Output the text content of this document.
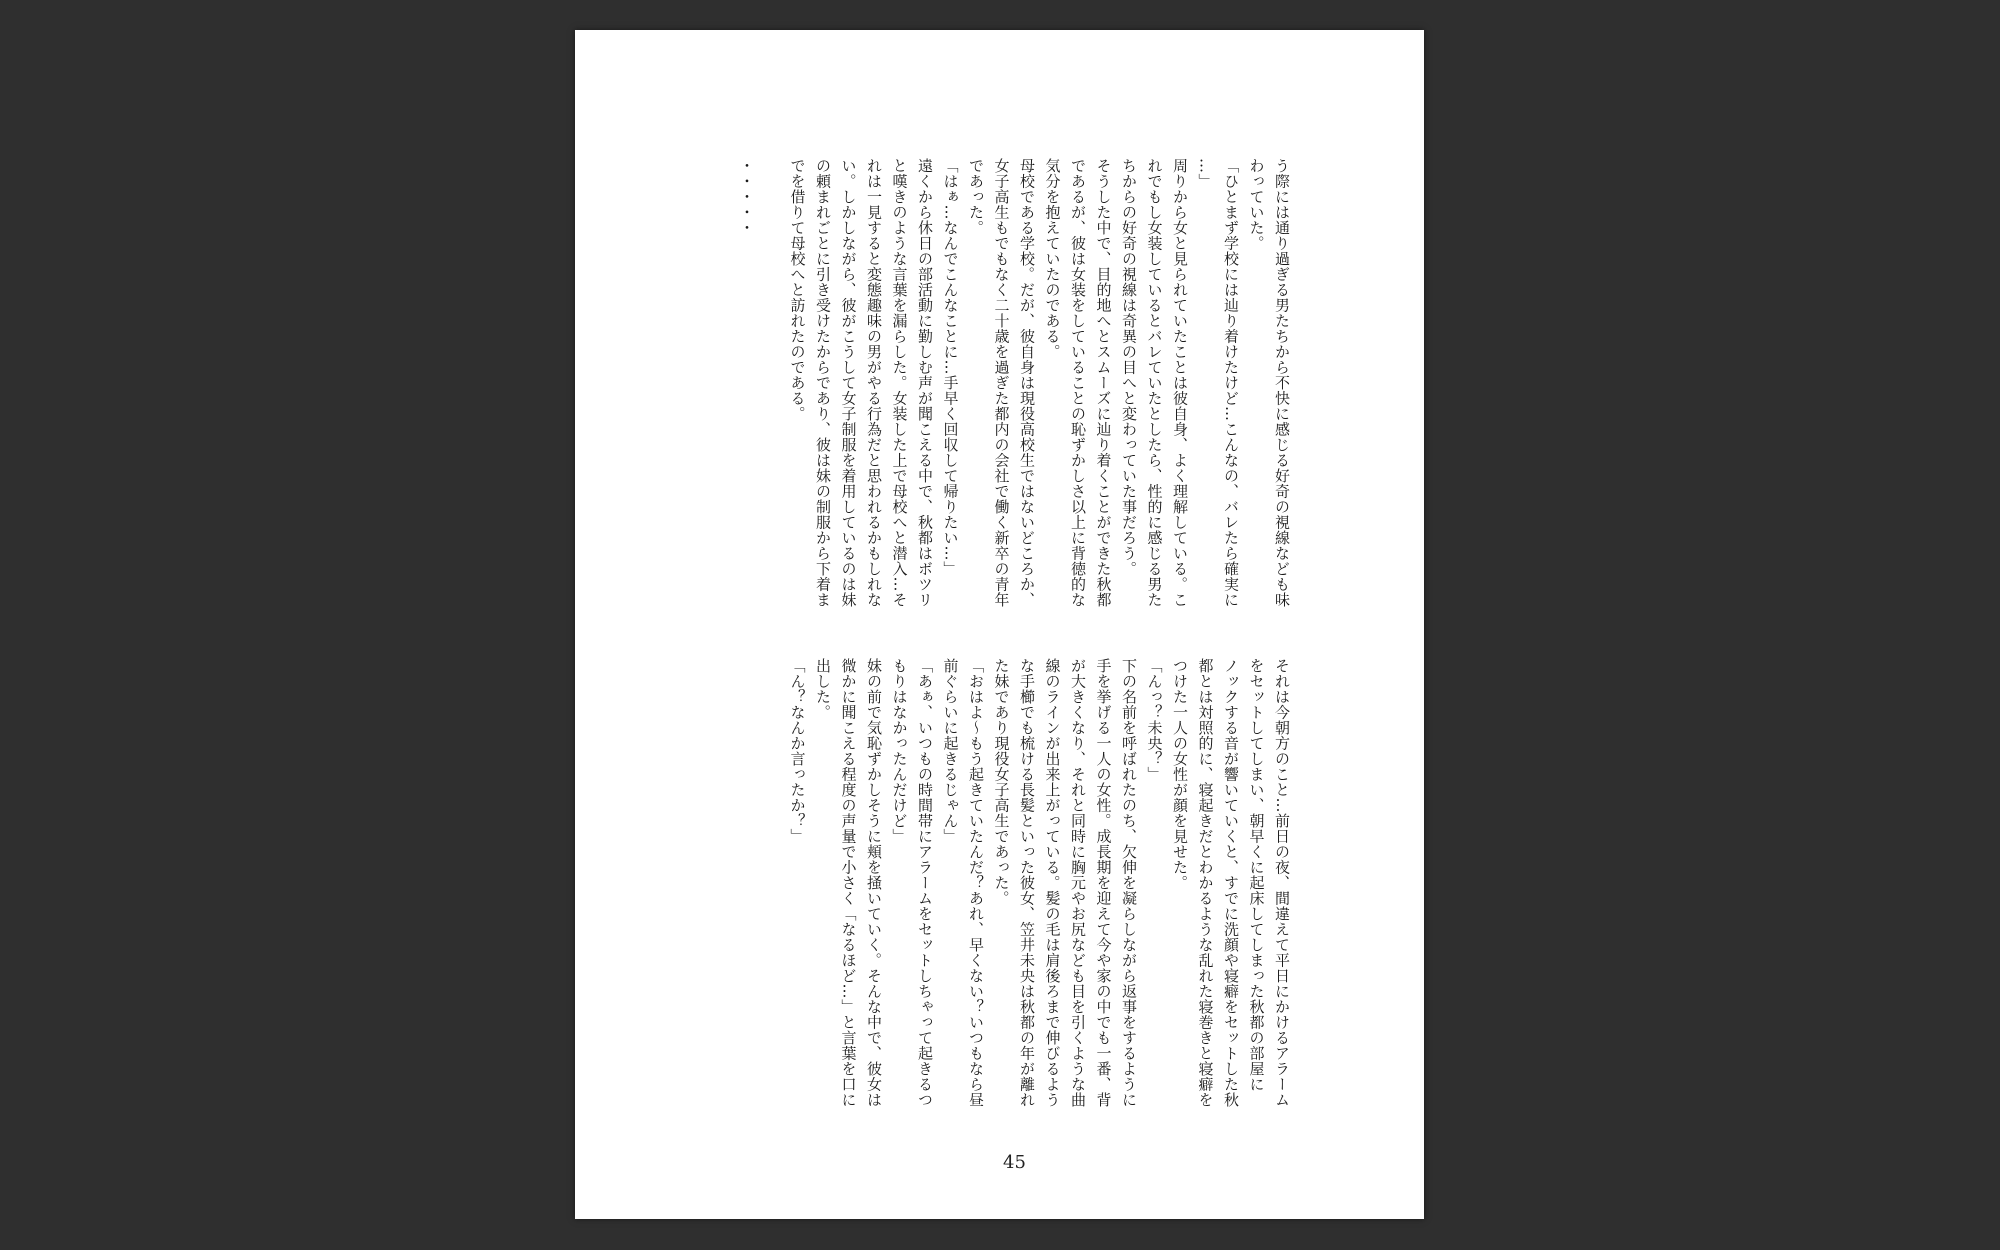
う際には通り過ぎる男たちから不快に感じる好奇の視線なども味

わっていた。

「ひとまず学校には辿り着けたけど…こんなの、バレたら確実に

…」

周りから女と見られていたことは彼自身、よく理解している。こ

れでもし女装しているとバレていたとしたら、性的に感じる男た

ちからの好奇の視線は奇異の目へと変わっていた事だろう。

そうした中で、目的地へとスムーズに辿り着くことができた秋都

であるが、彼は女装をしていることの恥ずかしさ以上に背徳的な

気分を抱えていたのである。

母校である学校。だが、彼自身は現役高校生ではないどころか、

女子高生もでもなく二十歳を過ぎた都内の会社で働く新卒の青年

であった。

「はぁ…なんでこんなことに…手早く回収して帰りたい…」

遠くから休日の部活動に勤しむ声が聞こえる中で、秋都はボツリ

と嘆きのような言葉を漏らした。女装した上で母校へと潜入…そ

れは一見すると変態趣味の男がやる行為だと思われるかもしれな

い。しかしながら、彼がこうして女子制服を着用しているのは妹

の頼まれごとに引き受けたからであり、彼は妹の制服から下着ま

でを借りて母校へと訪れたのである。

・・・・・

それは今朝方のこと…前日の夜、間違えて平日にかけるアラーム

をセットしてしまい、朝早くに起床してしまった秋都の部屋に

ノックする音が響いていくと、すでに洗顔や寝癖をセットした秋

都とは対照的に、寝起きだとわかるような乱れた寝巻きと寝癖を

つけた一人の女性が顔を見せた。

「んっ？未央？」

下の名前を呼ばれたのち、欠伸を凝らしながら返事をするように

手を挙げる一人の女性。成長期を迎えて今や家の中でも一番、背

が大きくなり、それと同時に胸元やお尻なども目を引くような曲

線のラインが出来上がっている。髪の毛は肩後ろまで伸びるよう

な手櫛でも梳ける長髪といった彼女、笠井未央は秋都の年が離れ

た妹であり現役女子高生であった。

「おはよ～もう起きていたんだ？あれ、早くない？いつもなら昼

前ぐらいに起きるじゃん」

「あぁ、いつもの時間帯にアラームをセットしちゃって起きるつ

もりはなかったんだけど」

妹の前で気恥ずかしそうに頬を掻いていく。そんな中で、彼女は

微かに聞こえる程度の声量で小さく「なるほど…」と言葉を口に

出した。

「ん？なんか言ったか？」

45
